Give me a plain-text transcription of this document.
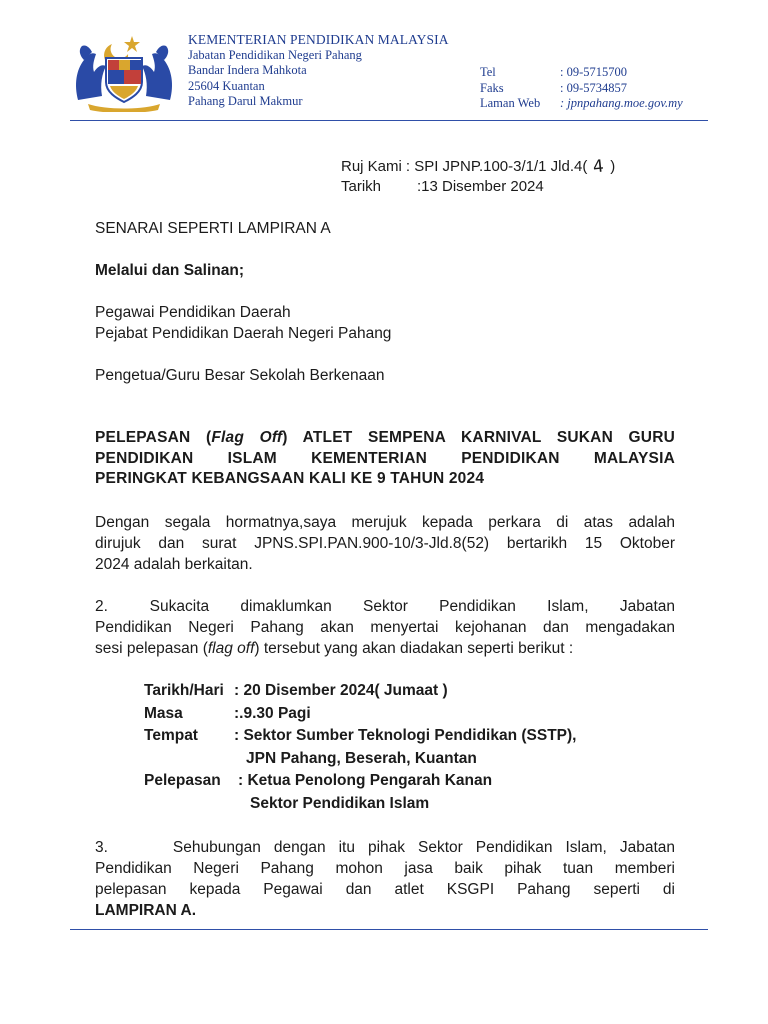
KEMENTERIAN PENDIDIKAN MALAYSIA
Jabatan Pendidikan Negeri Pahang
Bandar Indera Mahkota
25604 Kuantan
Pahang Darul Makmur
Tel	: 09-5715700
Faks	: 09-5734857
Laman Web	: jpnpahang.moe.gov.my
Ruj Kami : SPI JPNP.100-3/1/1 Jld.4( 4 )
Tarikh	:13 Disember 2024
SENARAI SEPERTI LAMPIRAN A
Melalui dan Salinan;
Pegawai Pendidikan Daerah
Pejabat Pendidikan Daerah Negeri Pahang
Pengetua/Guru Besar Sekolah Berkenaan
PELEPASAN (Flag Off) ATLET SEMPENA KARNIVAL SUKAN GURU
PENDIDIKAN ISLAM KEMENTERIAN PENDIDIKAN MALAYSIA
PERINGKAT KEBANGSAAN KALI KE 9 TAHUN 2024
Dengan segala hormatnya,saya merujuk kepada perkara di atas adalah
dirujuk dan surat JPNS.SPI.PAN.900-10/3-Jld.8(52) bertarikh 15 Oktober
2024 adalah berkaitan.
2.    Sukacita   dimaklumkan   Sektor   Pendidikan   Islam,   Jabatan
Pendidikan Negeri Pahang akan menyertai kejohanan dan mengadakan
sesi pelepasan (flag off) tersebut yang akan diadakan seperti berikut :
Tarikh/Hari : 20 Disember 2024( Jumaat )
Masa	:.9.30 Pagi
Tempat	: Sektor Sumber Teknologi Pendidikan (SSTP),
JPN Pahang, Beserah, Kuantan
Pelepasan	: Ketua Penolong Pengarah Kanan
Sektor Pendidikan Islam
3.     Sehubungan dengan itu pihak Sektor Pendidikan Islam, Jabatan
Pendidikan Negeri Pahang mohon jasa baik pihak tuan memberi
pelepasan kepada Pegawai dan atlet KSGPI Pahang seperti di
LAMPIRAN A.
